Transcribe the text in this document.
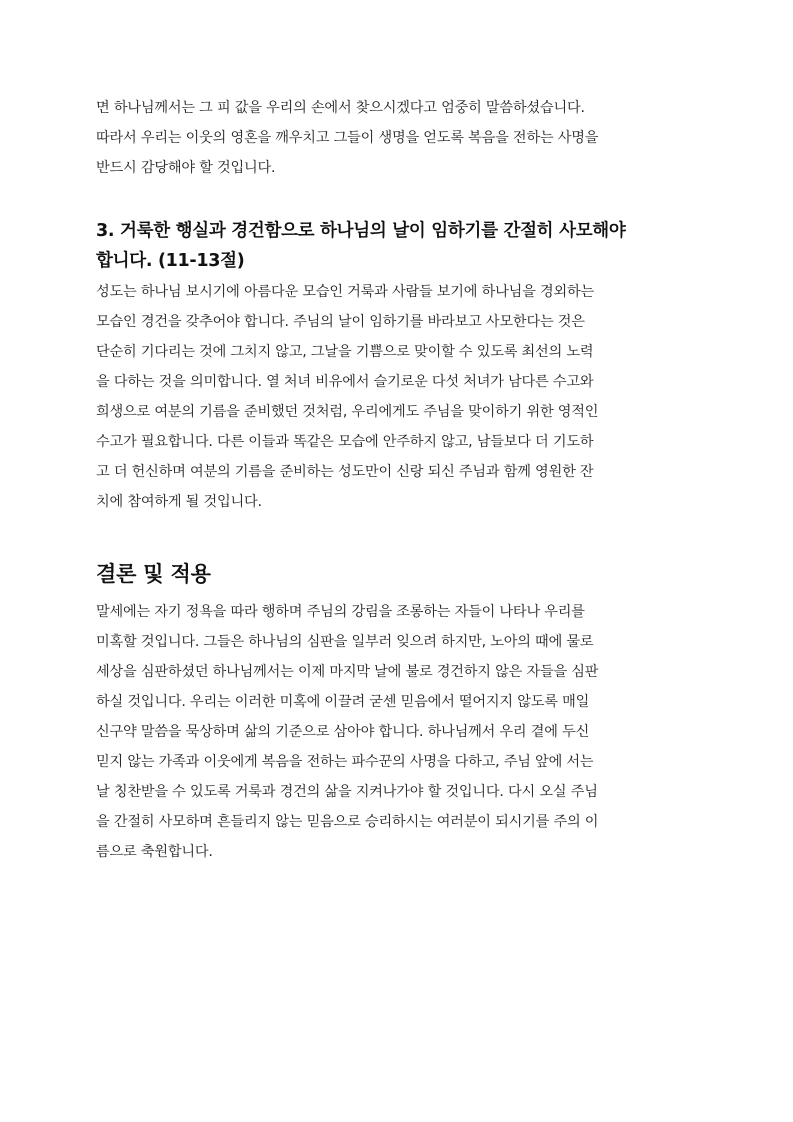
면 하나님께서는 그 피 값을 우리의 손에서 찾으시겠다고 엄중히 말씀하셨습니다.
따라서 우리는 이웃의 영혼을 깨우치고 그들이 생명을 얻도록 복음을 전하는 사명을
반드시 감당해야 할 것입니다.

3. 거룩한 행실과 경건함으로 하나님의 날이 임하기를 간절히 사모해야
합니다. (11-13절)

성도는 하나님 보시기에 아름다운 모습인 거룩과 사람들 보기에 하나님을 경외하는
모습인 경건을 갖추어야 합니다. 주님의 날이 임하기를 바라보고 사모한다는 것은
단순히 기다리는 것에 그치지 않고, 그날을 기쁨으로 맞이할 수 있도록 최선의 노력
을 다하는 것을 의미합니다. 열 처녀 비유에서 슬기로운 다섯 처녀가 남다른 수고와
희생으로 여분의 기름을 준비했던 것처럼, 우리에게도 주님을 맞이하기 위한 영적인
수고가 필요합니다. 다른 이들과 똑같은 모습에 안주하지 않고, 남들보다 더 기도하
고 더 헌신하며 여분의 기름을 준비하는 성도만이 신랑 되신 주님과 함께 영원한 잔
치에 참여하게 될 것입니다.

결론 및 적용

말세에는 자기 정욕을 따라 행하며 주님의 강림을 조롱하는 자들이 나타나 우리를
미혹할 것입니다. 그들은 하나님의 심판을 일부러 잊으려 하지만, 노아의 때에 물로
세상을 심판하셨던 하나님께서는 이제 마지막 날에 불로 경건하지 않은 자들을 심판
하실 것입니다. 우리는 이러한 미혹에 이끌려 굳센 믿음에서 떨어지지 않도록 매일
신구약 말씀을 묵상하며 삶의 기준으로 삼아야 합니다. 하나님께서 우리 곁에 두신
믿지 않는 가족과 이웃에게 복음을 전하는 파수꾼의 사명을 다하고, 주님 앞에 서는
날 칭찬받을 수 있도록 거룩과 경건의 삶을 지켜나가야 할 것입니다. 다시 오실 주님
을 간절히 사모하며 흔들리지 않는 믿음으로 승리하시는 여러분이 되시기를 주의 이
름으로 축원합니다.
